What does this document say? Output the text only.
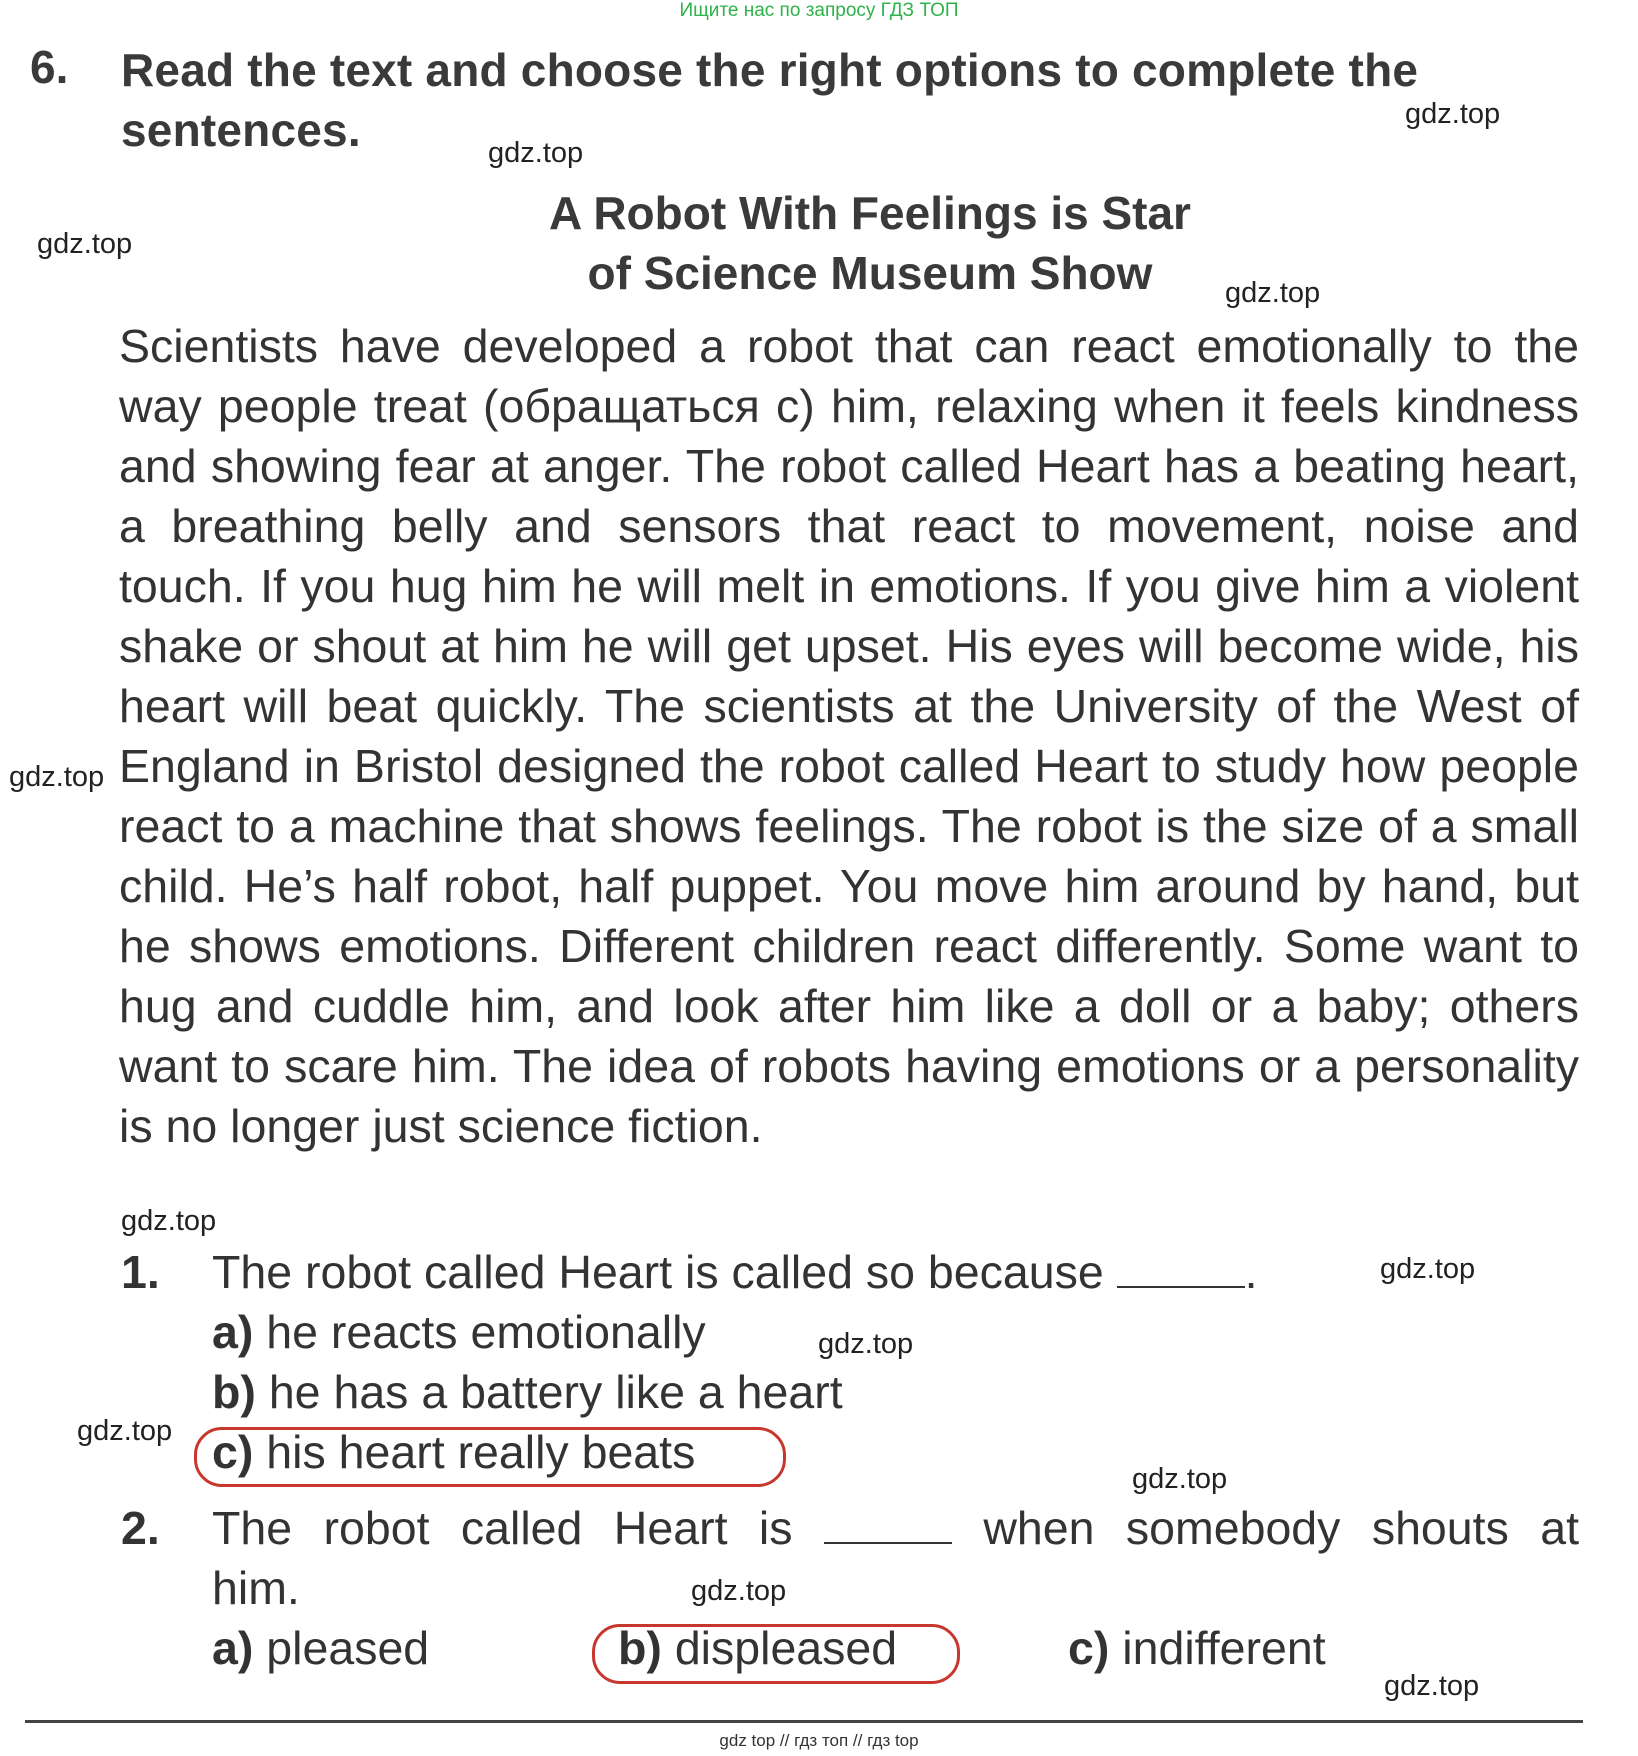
Ищите нас по запросу ГДЗ ТОП
6. Read the text and choose the right options to complete the sentences.
A Robot With Feelings is Star
of Science Museum Show
Scientists have developed a robot that can react emotionally to the way people treat (обращаться с) him, relaxing when it feels kindness and showing fear at anger. The robot called Heart has a beating heart, a breathing belly and sensors that react to movement, noise and touch. If you hug him he will melt in emotions. If you give him a violent shake or shout at him he will get upset. His eyes will become wide, his heart will beat quickly. The scientists at the University of the West of England in Bristol designed the robot called Heart to study how people react to a machine that shows feelings. The robot is the size of a small child. He’s half robot, half puppet. You move him around by hand, but he shows emotions. Different children react differently. Some want to hug and cuddle him, and look after him like a doll or a baby; others want to scare him. The idea of robots having emotions or a personality is no longer just science fiction.
1. The robot called Heart is called so because	.
a) he reacts emotionally
b) he has a battery like a heart
c) his heart really beats
2. The robot called Heart is	when somebody shouts at
him.
a) pleased	b) displeased	c) indifferent
gdz.top
gdz.top
gdz.top
gdz.top
gdz.top
gdz.top
gdz.top
gdz.top
gdz.top
gdz.top
gdz.top
gdz.top
gdz top // гдз топ // гдз top
